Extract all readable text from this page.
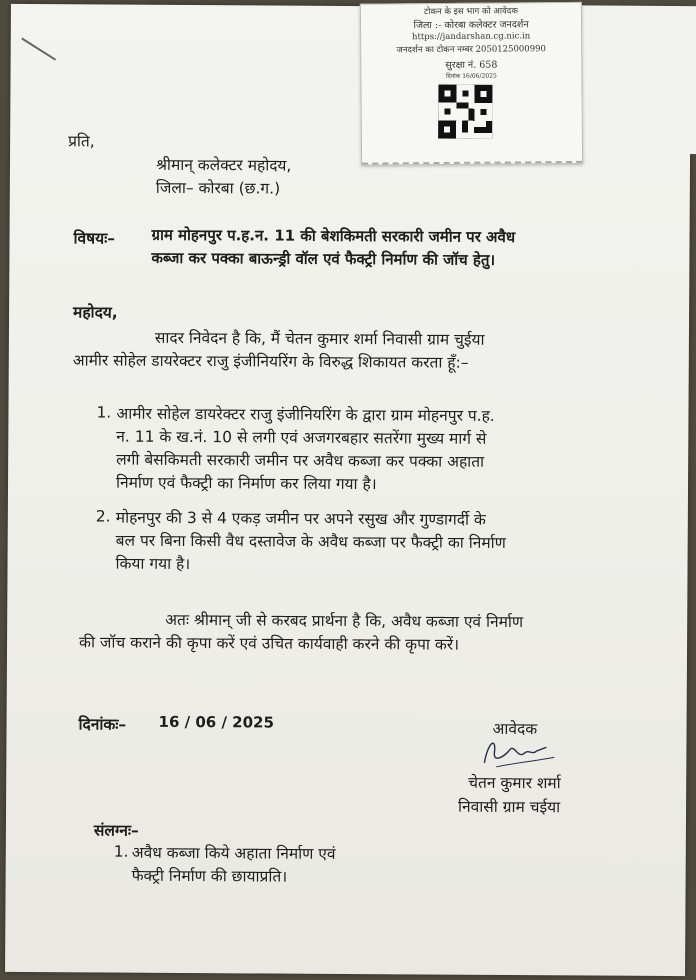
टोकन के इस भाग को आवेदक
जिला :- कोरबा कलेक्टर जनदर्शन
https://jandarshan.cg.nic.in
जनदर्शन का टोकन नम्बर 2050125000990
सुरक्षा नं. 658
दिनांक 16/06/2025
प्रति,
श्रीमान् कलेक्टर महोदय,
जिला– कोरबा (छ.ग.)
विषयः– ग्राम मोहनपुर प.ह.न. 11 की बेशकिमती सरकारी जमीन पर अवैध
कब्जा कर पक्का बाऊन्ड्री वॉल एवं फैक्ट्री निर्माण की जॉच हेतु।
महोदय,
सादर निवेदन है कि, मैं चेतन कुमार शर्मा निवासी ग्राम चुईया
आमीर सोहेल डायरेक्टर राजु इंजीनियरिंग के विरुद्ध शिकायत करता हूँ:–
1. आमीर सोहेल डायरेक्टर राजु इंजीनियरिंग के द्वारा ग्राम मोहनपुर प.ह.
न. 11 के ख.नं. 10 से लगी एवं अजगरबहार सतरेंगा मुख्य मार्ग से
लगी बेसकिमती सरकारी जमीन पर अवैध कब्जा कर पक्का अहाता
निर्माण एवं फैक्ट्री का निर्माण कर लिया गया है।
2. मोहनपुर की 3 से 4 एकड़ जमीन पर अपने रसुख और गुण्डागर्दी के
बल पर बिना किसी वैध दस्तावेज के अवैध कब्जा पर फैक्ट्री का निर्माण
किया गया है।
अतः श्रीमान् जी से करबद प्रार्थना है कि, अवैध कब्जा एवं निर्माण
की जॉच कराने की कृपा करें एवं उचित कार्यवाही करने की कृपा करें।
दिनांकः– 16 / 06 / 2025	आवेदक
चेतन कुमार शर्मा
निवासी ग्राम चईया
संलग्नः–
1. अवैध कब्जा किये अहाता निर्माण एवं
फैक्ट्री निर्माण की छायाप्रति।
